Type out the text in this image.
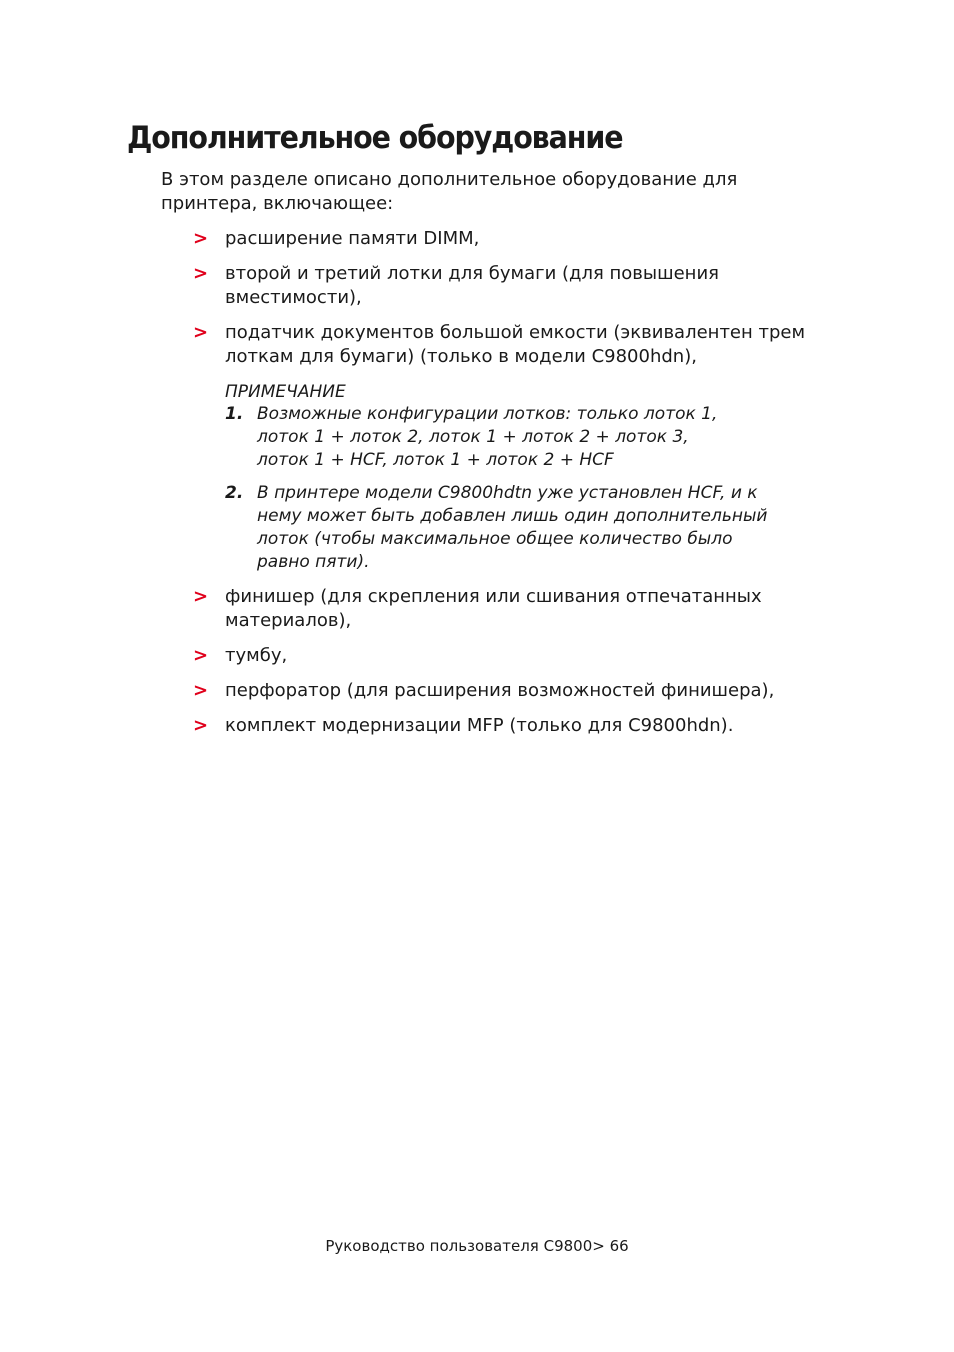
Дополнительное оборудование

В этом разделе описано дополнительное оборудование для принтера, включающее:

> расширение памяти DIMM,
> второй и третий лотки для бумаги (для повышения вместимости),
> податчик документов большой емкости (эквивалентен трем лоткам для бумаги) (только в модели C9800hdn),
ПРИМЕЧАНИЕ
1. Возможные конфигурации лотков: только лоток 1,
лоток 1 + лоток 2, лоток 1 + лоток 2 + лоток 3,
лоток 1 + HCF, лоток 1 + лоток 2 + HCF
2. В принтере модели C9800hdtn уже установлен HCF, и к
нему может быть добавлен лишь один дополнительный
лоток (чтобы максимальное общее количество было
равно пяти).
> финишер (для скрепления или сшивания отпечатанных материалов),
> тумбу,
> перфоратор (для расширения возможностей финишера),
> комплект модернизации MFP (только для C9800hdn).
Руководство пользователя C9800> 66
